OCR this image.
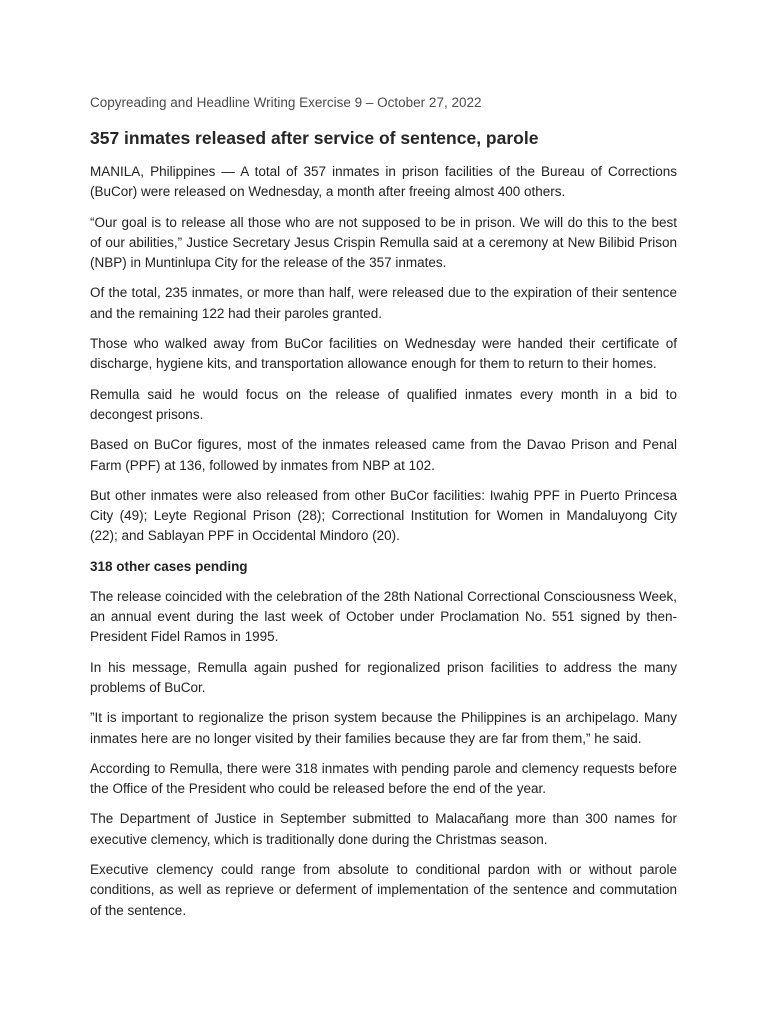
Copyreading and Headline Writing Exercise 9 – October 27, 2022

357 inmates released after service of sentence, parole

MANILA, Philippines — A total of 357 inmates in prison facilities of the Bureau of Corrections (BuCor) were released on Wednesday, a month after freeing almost 400 others.

“Our goal is to release all those who are not supposed to be in prison. We will do this to the best of our abilities,” Justice Secretary Jesus Crispin Remulla said at a ceremony at New Bilibid Prison (NBP) in Muntinlupa City for the release of the 357 inmates.

Of the total, 235 inmates, or more than half, were released due to the expiration of their sentence and the remaining 122 had their paroles granted.

Those who walked away from BuCor facilities on Wednesday were handed their certificate of discharge, hygiene kits, and transportation allowance enough for them to return to their homes.

Remulla said he would focus on the release of qualified inmates every month in a bid to decongest prisons.

Based on BuCor figures, most of the inmates released came from the Davao Prison and Penal Farm (PPF) at 136, followed by inmates from NBP at 102.

But other inmates were also released from other BuCor facilities: Iwahig PPF in Puerto Princesa City (49); Leyte Regional Prison (28); Correctional Institution for Women in Mandaluyong City (22); and Sablayan PPF in Occidental Mindoro (20).

318 other cases pending

The release coincided with the celebration of the 28th National Correctional Consciousness Week, an annual event during the last week of October under Proclamation No. 551 signed by then-President Fidel Ramos in 1995.

In his message, Remulla again pushed for regionalized prison facilities to address the many problems of BuCor.

”It is important to regionalize the prison system because the Philippines is an archipelago. Many inmates here are no longer visited by their families because they are far from them,” he said.

According to Remulla, there were 318 inmates with pending parole and clemency requests before the Office of the President who could be released before the end of the year.

The Department of Justice in September submitted to Malacañang more than 300 names for executive clemency, which is traditionally done during the Christmas season.

Executive clemency could range from absolute to conditional pardon with or without parole conditions, as well as reprieve or deferment of implementation of the sentence and commutation of the sentence.
